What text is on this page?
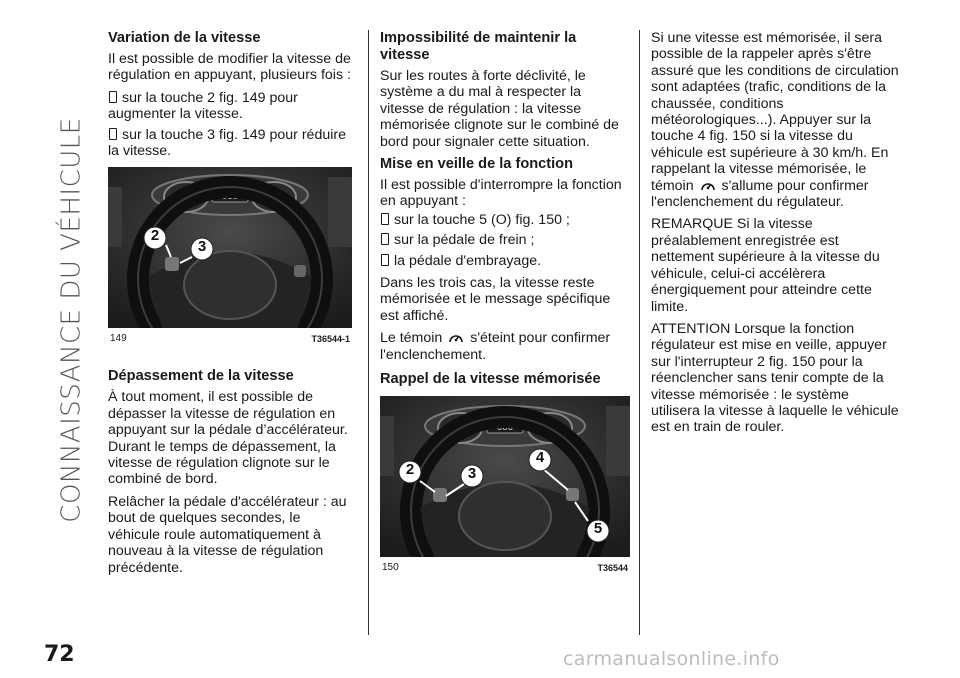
CONNAISSANCE DU VÉHICULE
Variation de la vitesse

Il est possible de modifier la vitesse de régulation en appuyant, plusieurs fois :

sur la touche 2 fig. 149 pour augmenter la vitesse.

sur la touche 3 fig. 149 pour réduire la vitesse.

888
2
3
149	T36544-1
Dépassement de la vitesse

À tout moment, il est possible de dépasser la vitesse de régulation en appuyant sur la pédale d’accélérateur. Durant le temps de dépassement, la vitesse de régulation clignote sur le combiné de bord.

Relâcher la pédale d'accélérateur : au bout de quelques secondes, le véhicule roule automatiquement à nouveau à la vitesse de régulation précédente.

Impossibilité de maintenir la vitesse

Sur les routes à forte déclivité, le système a du mal à respecter la vitesse de régulation : la vitesse mémorisée clignote sur le combiné de bord pour signaler cette situation.

Mise en veille de la fonction

Il est possible d'interrompre la fonction en appuyant :

sur la touche 5 (O) fig. 150 ;

sur la pédale de frein ;

la pédale d'embrayage.

Dans les trois cas, la vitesse reste mémorisée et le message spécifique est affiché.

Le témoin s'éteint pour confirmer l'enclenchement.

Rappel de la vitesse mémorisée
888
2	3
4
5
150	T36544

Si une vitesse est mémorisée, il sera possible de la rappeler après s'être assuré que les conditions de circulation sont adaptées (trafic, conditions de la chaussée, conditions météorologiques...). Appuyer sur la touche 4 fig. 150 si la vitesse du véhicule est supérieure à 30 km/h. En rappelant la vitesse mémorisée, le témoin s'allume pour confirmer l'enclenchement du régulateur.

REMARQUE Si la vitesse préalablement enregistrée est nettement supérieure à la vitesse du véhicule, celui-ci accélèrera énergiquement pour atteindre cette limite.

ATTENTION Lorsque la fonction régulateur est mise en veille, appuyer sur l'interrupteur 2 fig. 150 pour la réenclencher sans tenir compte de la vitesse mémorisée : le système utilisera la vitesse à laquelle le véhicule est en train de rouler.

72	carmanualsonline.info
